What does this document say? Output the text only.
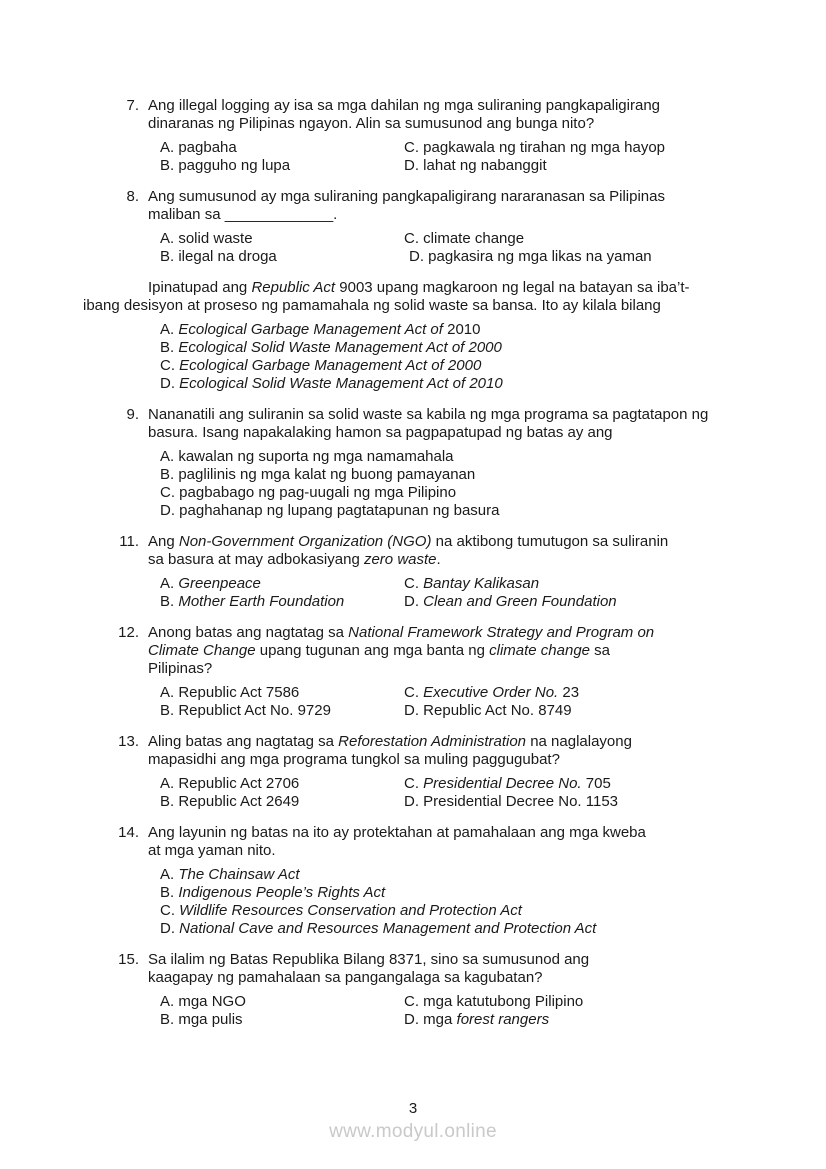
7. Ang illegal logging ay isa sa mga dahilan ng mga suliraning pangkapaligirang
dinaranas ng Pilipinas ngayon. Alin sa sumusunod ang bunga nito?
A. pagbaha
B. pagguho ng lupa
C. pagkawala ng tirahan ng mga hayop
D. lahat ng nabanggit
8. Ang sumusunod ay mga suliraning pangkapaligirang nararanasan sa Pilipinas
maliban sa _____________.
A. solid waste
B. ilegal na droga
C. climate change
D. pagkasira ng mga likas na yaman
Ipinatupad ang Republic Act 9003 upang magkaroon ng legal na batayan sa iba’t-
ibang desisyon at proseso ng pamamahala ng solid waste sa bansa. Ito ay kilala bilang
A. Ecological Garbage Management Act of 2010
B. Ecological Solid Waste Management Act of 2000
C. Ecological Garbage Management Act of 2000
D. Ecological Solid Waste Management Act of 2010
9. Nananatili ang suliranin sa solid waste sa kabila ng mga programa sa pagtatapon ng
basura. Isang napakalaking hamon sa pagpapatupad ng batas ay ang
A. kawalan ng suporta ng mga namamahala
B. paglilinis ng mga kalat ng buong pamayanan
C. pagbabago ng pag-uugali ng mga Pilipino
D. paghahanap ng lupang pagtatapunan ng basura
11. Ang Non-Government Organization (NGO) na aktibong tumutugon sa suliranin
sa basura at may adbokasiyang zero waste.
A. Greenpeace
B. Mother Earth Foundation
C. Bantay Kalikasan
D. Clean and Green Foundation
12. Anong batas ang nagtatag sa National Framework Strategy and Program on
Climate Change upang tugunan ang mga banta ng climate change sa
Pilipinas?
A. Republic Act 7586
B. Republict Act No. 9729
C. Executive Order No. 23
D. Republic Act No. 8749
13. Aling batas ang nagtatag sa Reforestation Administration na naglalayong
mapasidhi ang mga programa tungkol sa muling paggugubat?
A. Republic Act 2706
B. Republic Act 2649
C. Presidential Decree No. 705
D. Presidential Decree No. 1153
14. Ang layunin ng batas na ito ay protektahan at pamahalaan ang mga kweba
at mga yaman nito.
A. The Chainsaw Act
B. Indigenous People’s Rights Act
C. Wildlife Resources Conservation and Protection Act
D. National Cave and Resources Management and Protection Act
15. Sa ilalim ng Batas Republika Bilang 8371, sino sa sumusunod ang
kaagapay ng pamahalaan sa pangangalaga sa kagubatan?
A. mga NGO
B. mga pulis
C. mga katutubong Pilipino
D. mga forest rangers
3
www.modyul.online
